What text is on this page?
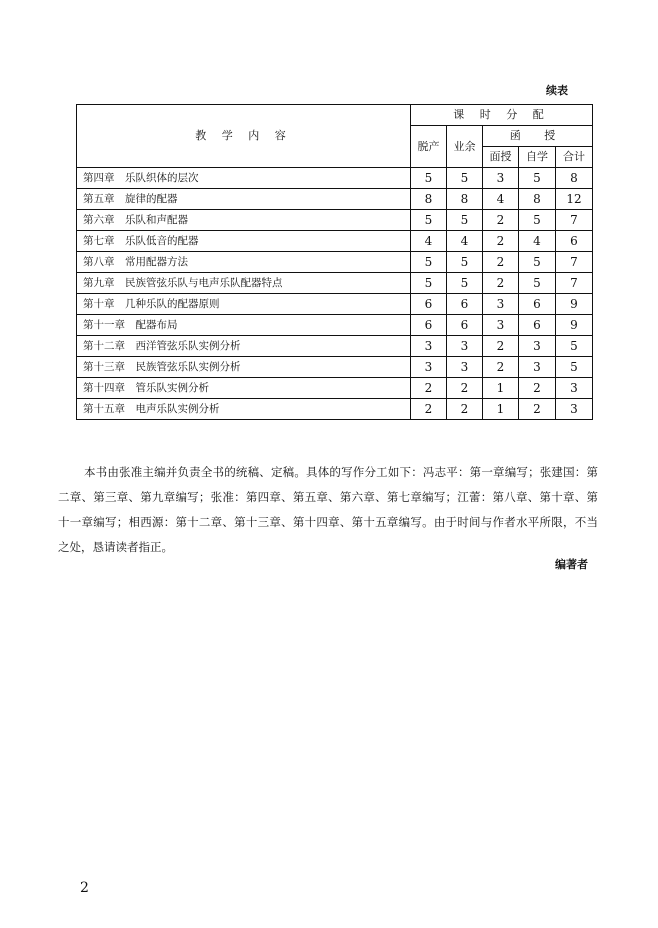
续表
教 学 内 容	课 时 分 配				
	脱产	业余	函 授		
			面授	自学	合计
第四章　乐队织体的层次	5	5	3	5	8
第五章　旋律的配器	8	8	4	8	12
第六章　乐队和声配器	5	5	2	5	7
第七章　乐队低音的配器	4	4	2	4	6
第八章　常用配器方法	5	5	2	5	7
第九章　民族管弦乐队与电声乐队配器特点	5	5	2	5	7
第十章　几种乐队的配器原则	6	6	3	6	9
第十一章　配器布局	6	6	3	6	9
第十二章　西洋管弦乐队实例分析	3	3	2	3	5
第十三章　民族管弦乐队实例分析	3	3	2	3	5
第十四章　管乐队实例分析	2	2	1	2	3
第十五章　电声乐队实例分析	2	2	1	2	3

本书由张准主编并负责全书的统稿、定稿。具体的写作分工如下：冯志平：第一章编写；张建国：第二章、第三章、第九章编写；张准：第四章、第五章、第六章、第七章编写；江蕾：第八章、第十章、第十一章编写；相西源：第十二章、第十三章、第十四章、第十五章编写。由于时间与作者水平所限，不当之处，恳请读者指正。

编著者
2
